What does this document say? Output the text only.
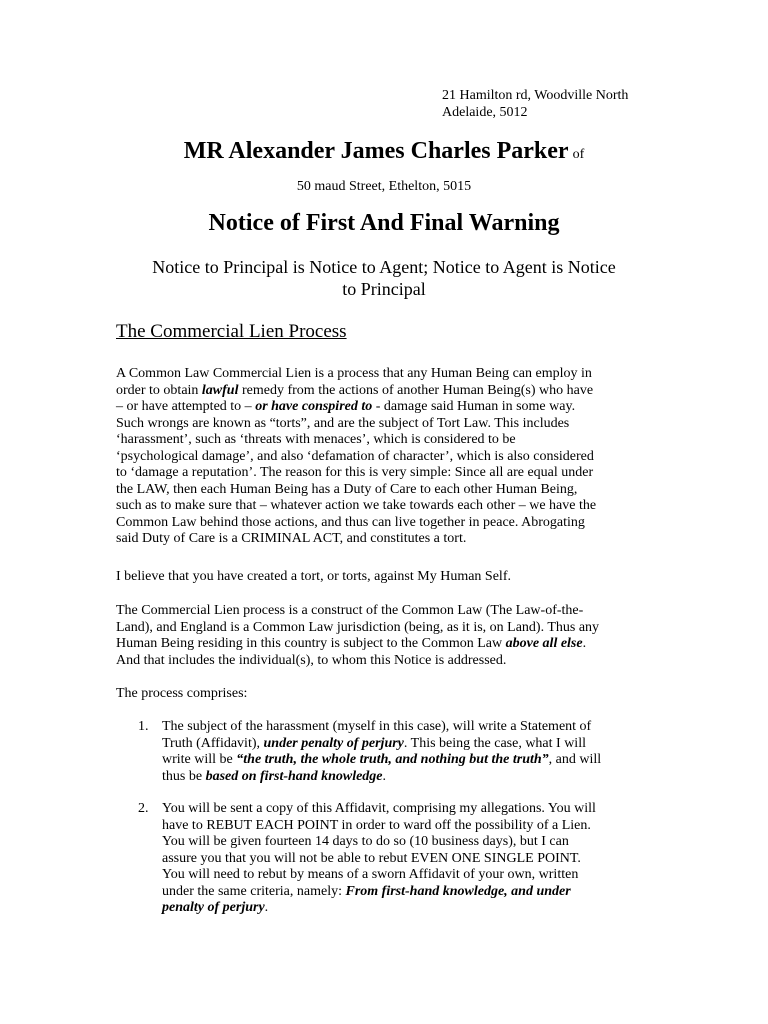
21 Hamilton rd, Woodville North
Adelaide, 5012
MR Alexander James Charles Parker of
50 maud Street, Ethelton, 5015
Notice of First And Final Warning
Notice to Principal is Notice to Agent; Notice to Agent is Notice
to Principal
The Commercial Lien Process
A Common Law Commercial Lien is a process that any Human Being can employ in
order to obtain lawful remedy from the actions of another Human Being(s) who have
– or have attempted to – or have conspired to - damage said Human in some way.
Such wrongs are known as “torts”, and are the subject of Tort Law. This includes
‘harassment’, such as ‘threats with menaces’, which is considered to be
‘psychological damage’, and also ‘defamation of character’, which is also considered
to ‘damage a reputation’. The reason for this is very simple: Since all are equal under
the LAW, then each Human Being has a Duty of Care to each other Human Being,
such as to make sure that – whatever action we take towards each other – we have the
Common Law behind those actions, and thus can live together in peace. Abrogating
said Duty of Care is a CRIMINAL ACT, and constitutes a tort.
I believe that you have created a tort, or torts, against My Human Self.
The Commercial Lien process is a construct of the Common Law (The Law-of-the-
Land), and England is a Common Law jurisdiction (being, as it is, on Land). Thus any
Human Being residing in this country is subject to the Common Law above all else.
And that includes the individual(s), to whom this Notice is addressed.
The process comprises:
1. The subject of the harassment (myself in this case), will write a Statement of
Truth (Affidavit), under penalty of perjury. This being the case, what I will
write will be “the truth, the whole truth, and nothing but the truth”, and will
thus be based on first-hand knowledge.
2. You will be sent a copy of this Affidavit, comprising my allegations. You will
have to REBUT EACH POINT in order to ward off the possibility of a Lien.
You will be given fourteen 14 days to do so (10 business days), but I can
assure you that you will not be able to rebut EVEN ONE SINGLE POINT.
You will need to rebut by means of a sworn Affidavit of your own, written
under the same criteria, namely: From first-hand knowledge, and under
penalty of perjury.
